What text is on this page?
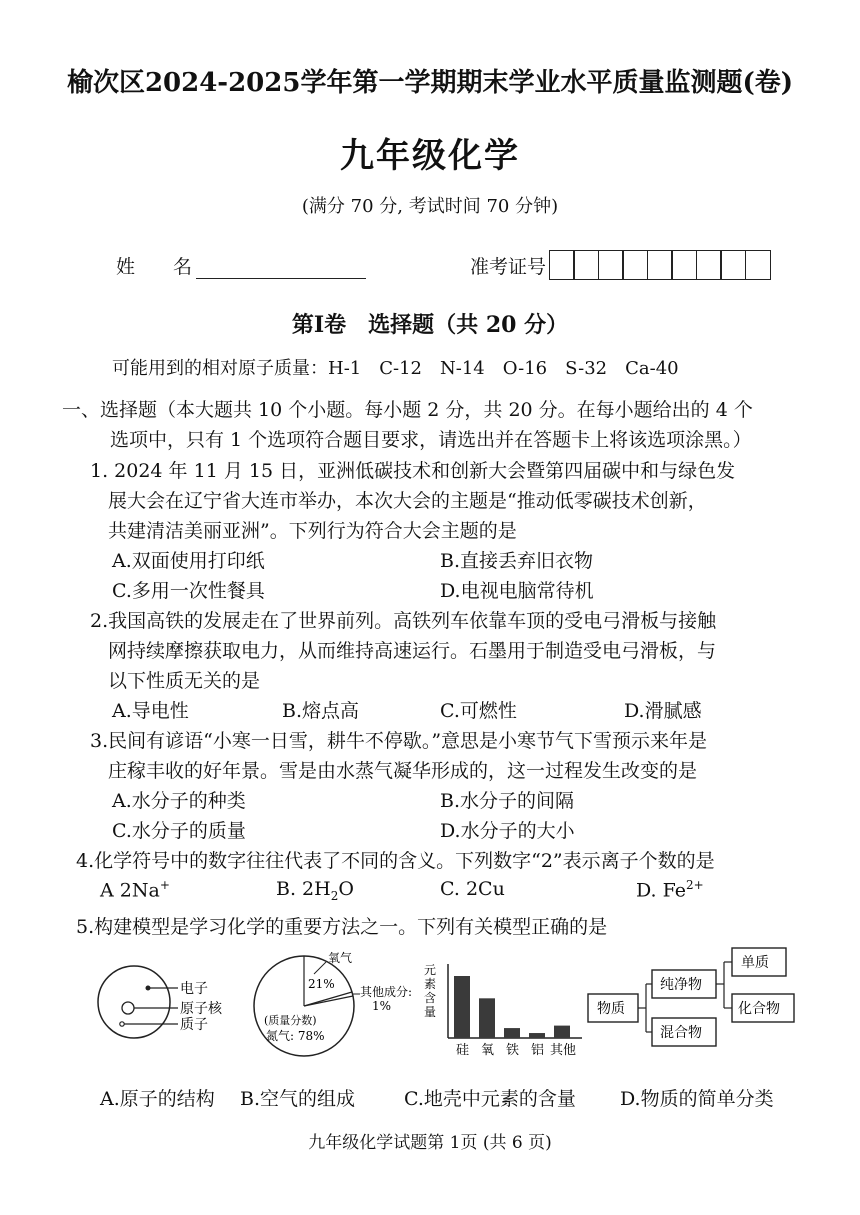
榆次区2024-2025学年第一学期期末学业水平质量监测题(卷)
九年级化学
(满分 70 分, 考试时间 70 分钟)
姓　　名	准考证号
第Ⅰ卷　选择题（共 20 分）
可能用到的相对原子质量：H-1　C-12　N-14　O-16　S-32　Ca-40
一、选择题（本大题共 10 个小题。每小题 2 分，共 20 分。在每小题给出的 4 个
选项中，只有 1 个选项符合题目要求，请选出并在答题卡上将该选项涂黑。）
1. 2024 年 11 月 15 日，亚洲低碳技术和创新大会暨第四届碳中和与绿色发
展大会在辽宁省大连市举办，本次大会的主题是“推动低零碳技术创新，
共建清洁美丽亚洲”。下列行为符合大会主题的是
A.双面使用打印纸	B.直接丢弃旧衣物
C.多用一次性餐具	D.电视电脑常待机
2.我国高铁的发展走在了世界前列。高铁列车依靠车顶的受电弓滑板与接触
网持续摩擦获取电力，从而维持高速运行。石墨用于制造受电弓滑板，与
以下性质无关的是
A.导电性	B.熔点高	C.可燃性	D.滑腻感
3.民间有谚语“小寒一日雪，耕牛不停歇。”意思是小寒节气下雪预示来年是
庄稼丰收的好年景。雪是由水蒸气凝华形成的，这一过程发生改变的是
A.水分子的种类	B.水分子的间隔
C.水分子的质量	D.水分子的大小
4.化学符号中的数字往往代表了不同的含义。下列数字“2”表示离子个数的是
A 2Na+	B. $2H_2O$	C. 2Cu	D. $Fe^{2+}$
5.构建模型是学习化学的重要方法之一。下列有关模型正确的是
电子
原子核
质子
氧气
21%
其他成分:
1%
(质量分数)
氮气: 78%
元
素
含
量
硅 氧 铁 铝 其他
物质
纯净物
混合物
单质
化合物
A.原子的结构 B.空气的组成	C.地壳中元素的含量 D.物质的简单分类
九年级化学试题第 1页 (共 6 页)
